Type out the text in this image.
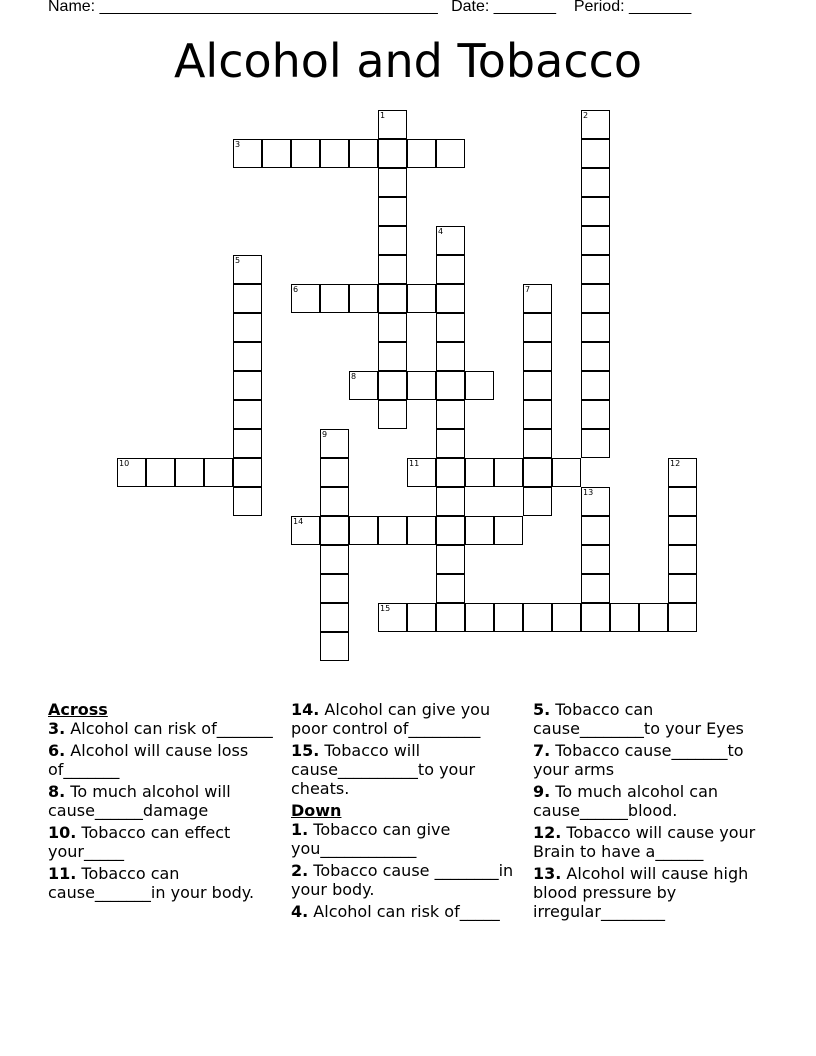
Name: ______________________________________ Date: _______ Period: _______
Alcohol and Tobacco
1	2
3
4
5
6	7
8
9
10	11	12
13
14
15
Across
3. Alcohol can risk of_______
6. Alcohol will cause loss of_______
8. To much alcohol will cause______damage
10. Tobacco can effect your_____
11. Tobacco can cause_______in your body.
14. Alcohol can give you poor control of_________
15. Tobacco will cause__________to your cheats.
Down
1. Tobacco can give you____________
2. Tobacco cause ________in your body.
4. Alcohol can risk of_____
5. Tobacco can cause________to your Eyes
7. Tobacco cause_______to your arms
9. To much alcohol can cause______blood.
12. Tobacco will cause your Brain to have a______
13. Alcohol will cause high blood pressure by irregular________
